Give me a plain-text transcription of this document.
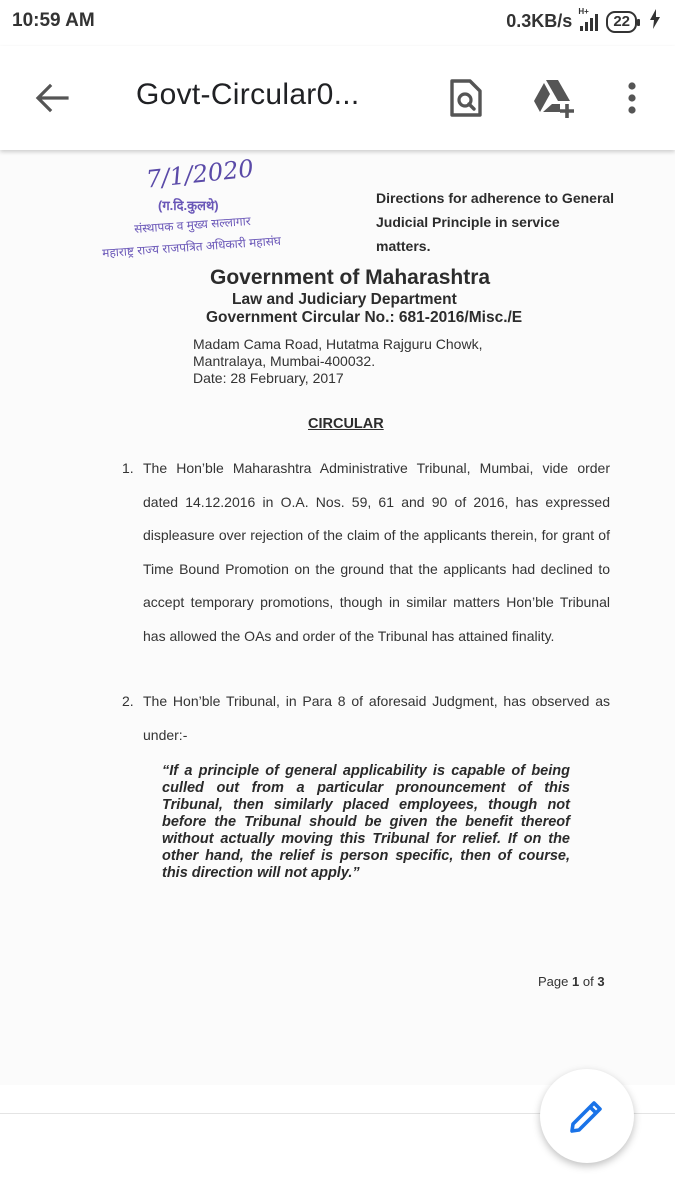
10:59 AM	0.3KB/s H+
22
Govt-Circular0...
7/1/2020
(ग.दि.कुलथे)
संस्थापक व मुख्य सल्लागार
महाराष्ट्र राज्य राजपत्रित अधिकारी महासंघ
Directions for adherence to General
Judicial Principle in service matters.
Government of Maharashtra
Law and Judiciary Department
Government Circular No.: 681-2016/Misc./E
Madam Cama Road, Hutatma Rajguru Chowk,
Mantralaya, Mumbai-400032.
Date: 28 February, 2017
CIRCULAR
1. The Hon’ble Maharashtra Administrative Tribunal, Mumbai, vide order dated 14.12.2016 in O.A. Nos. 59, 61 and 90 of 2016, has expressed displeasure over rejection of the claim of the applicants therein, for grant of Time Bound Promotion on the ground that the applicants had declined to accept temporary promotions, though in similar matters Hon’ble Tribunal has allowed the OAs and order of the Tribunal has attained finality.
2. The Hon’ble Tribunal, in Para 8 of aforesaid Judgment, has observed as under:-
“If a principle of general applicability is capable of being culled out from a particular pronouncement of this Tribunal, then similarly placed employees, though not before the Tribunal should be given the benefit thereof without actually moving this Tribunal for relief. If on the other hand, the relief is person specific, then of course, this direction will not apply.”
Page 1 of 3
